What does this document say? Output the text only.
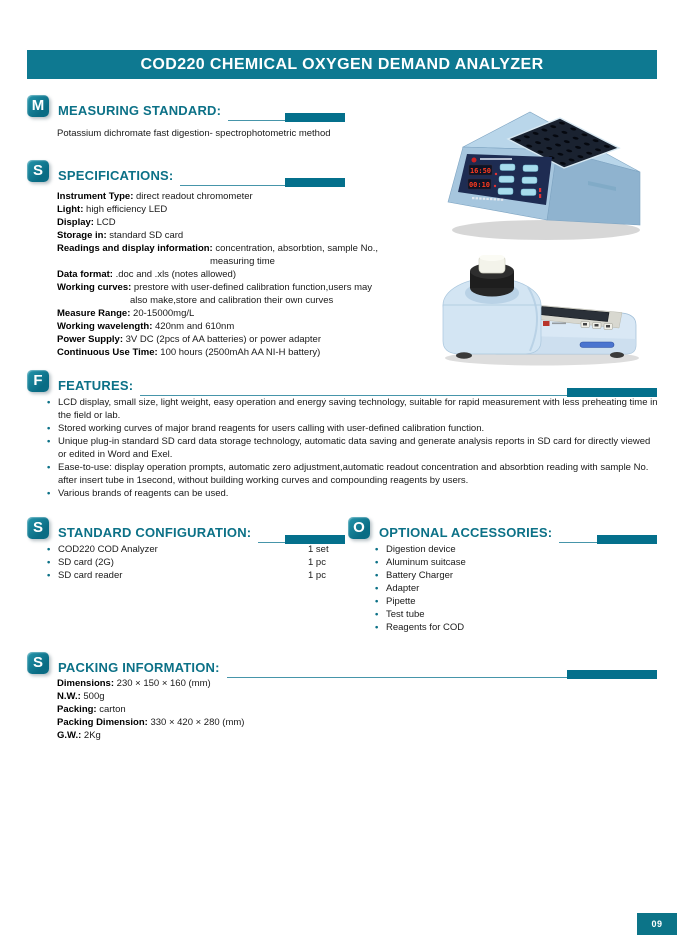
COD220 CHEMICAL OXYGEN DEMAND ANALYZER
M	MEASURING STANDARD:
Potassium dichromate fast digestion- spectrophotometric method
S	SPECIFICATIONS:
Instrument Type: direct readout chromometer
Light: high efficiency LED
Display: LCD
Storage in: standard SD card
Readings and display information: concentration, absorbtion, sample No.,
measuring time
Data format: .doc and .xls (notes allowed)
Working curves: prestore with user-defined calibration function,users may
also make,store and calibration their own curves
Measure Range: 20-15000mg/L
Working wavelength: 420nm and 610nm
Power Supply: 3V DC (2pcs of AA batteries) or power adapter
Continuous Use Time: 100 hours (2500mAh AA NI-H battery)
F	FEATURES:
• LCD display, small size, light weight, easy operation and energy saving technology, suitable for rapid measurement with less preheating time in the field or lab.
• Stored working curves of major brand reagents for users calling with user-defined calibration function.
• Unique plug-in standard SD card data storage technology, automatic data saving and generate analysis reports in SD card for directly viewed or edited in Word and Exel.
• Ease-to-use: display operation prompts, automatic zero adjustment,automatic readout concentration and absorbtion reading with sample No. after insert tube in 1second, without building working curves and compounding reagents by users.
• Various brands of reagents can be used.
S	STANDARD CONFIGURATION:
• COD220 COD Analyzer	1 set
• SD card (2G)	1 pc
• SD card reader	1 pc
O	OPTIONAL ACCESSORIES:
• Digestion device
• Aluminum suitcase
• Battery Charger
• Adapter
• Pipette
• Test tube
• Reagents for COD
S	PACKING INFORMATION:
Dimensions: 230 × 150 × 160 (mm)
N.W.: 500g
Packing: carton
Packing Dimension: 330 × 420 × 280 (mm)
G.W.: 2Kg
16:50
00:10
09
